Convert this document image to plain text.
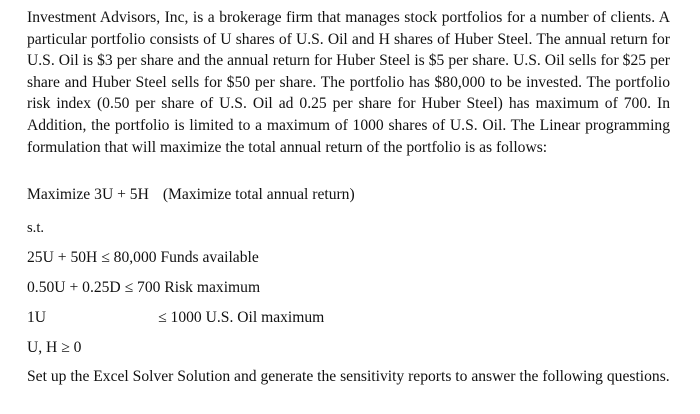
Investment Advisors, Inc, is a brokerage firm that manages stock portfolios for a number of clients. A particular portfolio consists of U shares of U.S. Oil and H shares of Huber Steel. The annual return for U.S. Oil is $3 per share and the annual return for Huber Steel is $5 per share. U.S. Oil sells for $25 per share and Huber Steel sells for $50 per share. The portfolio has $80,000 to be invested. The portfolio risk index (0.50 per share of U.S. Oil ad 0.25 per share for Huber Steel) has maximum of 700. In Addition, the portfolio is limited to a maximum of 1000 shares of U.S. Oil. The Linear programming formulation that will maximize the total annual return of the portfolio is as follows:

Maximize 3U + 5H (Maximize total annual return)
s.t.
25U + 50H ≤ 80,000 Funds available
0.50U + 0.25D ≤ 700 Risk maximum
1U	≤ 1000 U.S. Oil maximum
U, H ≥ 0

Set up the Excel Solver Solution and generate the sensitivity reports to answer the following questions.
